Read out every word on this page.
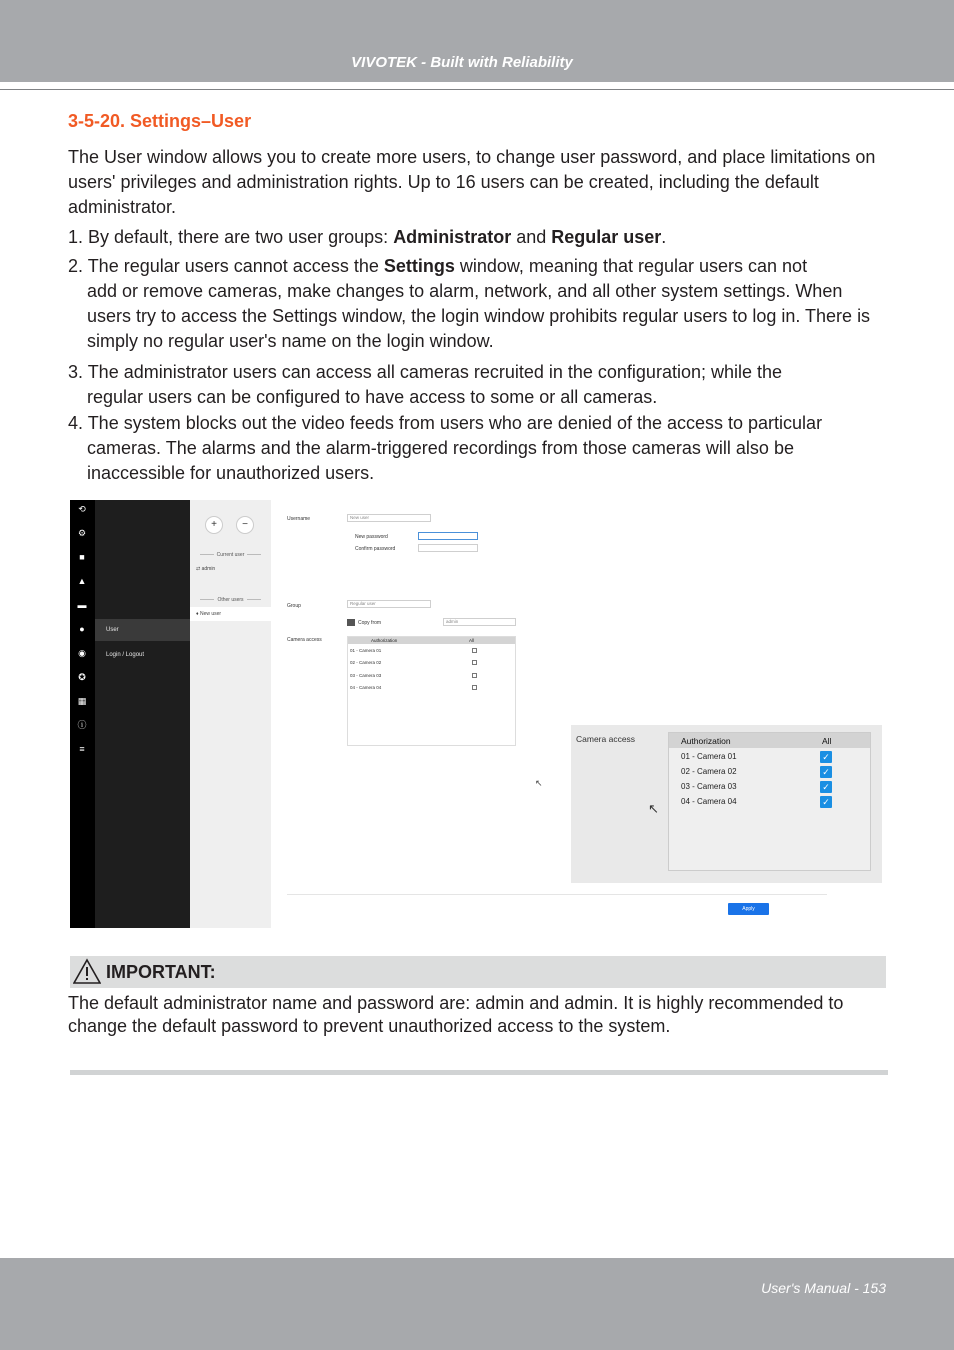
VIVOTEK - Built with Reliability
3-5-20. Settings–User

The User window allows you to create more users, to change user password, and place limitations on users' privileges and administration rights. Up to 16 users can be created, including the default administrator.

1. By default, there are two user groups: Administrator and Regular user.
2. The regular users cannot access the Settings window, meaning that regular users can not
add or remove cameras, make changes to alarm, network, and all other system settings. When users try to access the Settings window, the login window prohibits regular users to log in. There is simply no regular user's name on the login window.
3. The administrator users can access all cameras recruited in the configuration; while the
regular users can be configured to have access to some or all cameras.
4. The system blocks out the video feeds from users who are denied of the access to particular
cameras. The alarms and the alarm-triggered recordings from those cameras will also be inaccessible for unauthorized users.
⟲
⚙
■
▲
▬
●
◉
✪
▦
ⓘ
≡
User
Login / Logout
+	−
Current user
⇄ admin
Other users
♦ New user
Username	New user
New password
Confirm password
Group	Regular user
Copy from	admin
Camera access	Authorization	All
01 - Camera 01
02 - Camera 02
03 - Camera 03
04 - Camera 04
↖
Apply
Camera access	Authorization	All
01 - Camera 01	✓
02 - Camera 02	✓
03 - Camera 03	✓
04 - Camera 04	✓
↖
IMPORTANT:

The default administrator name and password are: admin and admin. It is highly recommended to change the default password to prevent unauthorized access to the system.

User's Manual - 153
